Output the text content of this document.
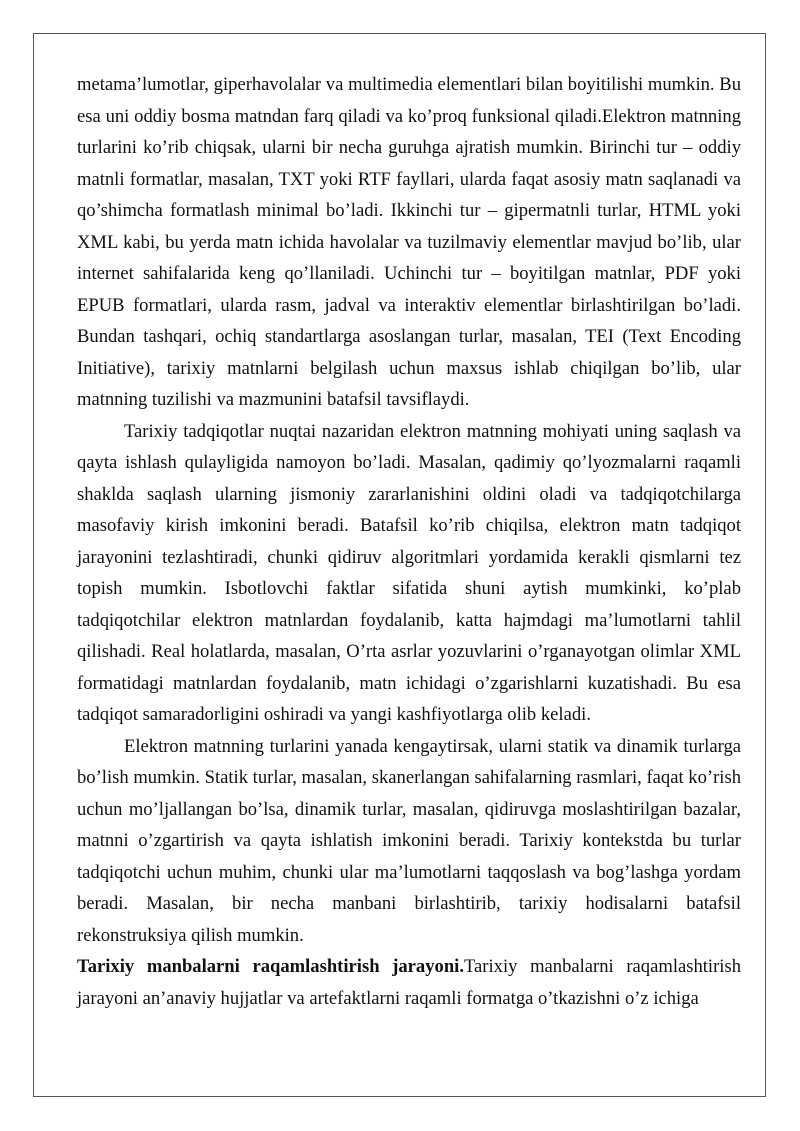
metama’lumotlar, giperhavolalar va multimedia elementlari bilan boyitilishi mumkin. Bu esa uni oddiy bosma matndan farq qiladi va ko’proq funksional qiladi.Elektron matnning turlarini ko’rib chiqsak, ularni bir necha guruhga ajratish mumkin. Birinchi tur – oddiy matnli formatlar, masalan, TXT yoki RTF fayllari, ularda faqat asosiy matn saqlanadi va qo’shimcha formatlash minimal bo’ladi. Ikkinchi tur – gipermatnli turlar, HTML yoki XML kabi, bu yerda matn ichida havolalar va tuzilmaviy elementlar mavjud bo’lib, ular internet sahifalarida keng qo’llaniladi. Uchinchi tur – boyitilgan matnlar, PDF yoki EPUB formatlari, ularda rasm, jadval va interaktiv elementlar birlashtirilgan bo’ladi. Bundan tashqari, ochiq standartlarga asoslangan turlar, masalan, TEI (Text Encoding Initiative), tarixiy matnlarni belgilash uchun maxsus ishlab chiqilgan bo’lib, ular matnning tuzilishi va mazmunini batafsil tavsiflaydi.

Tarixiy tadqiqotlar nuqtai nazaridan elektron matnning mohiyati uning saqlash va qayta ishlash qulayligida namoyon bo’ladi. Masalan, qadimiy qo’lyozmalarni raqamli shaklda saqlash ularning jismoniy zararlanishini oldini oladi va tadqiqotchilarga masofaviy kirish imkonini beradi. Batafsil ko’rib chiqilsa, elektron matn tadqiqot jarayonini tezlashtiradi, chunki qidiruv algoritmlari yordamida kerakli qismlarni tez topish mumkin. Isbotlovchi faktlar sifatida shuni aytish mumkinki, ko’plab tadqiqotchilar elektron matnlardan foydalanib, katta hajmdagi ma’lumotlarni tahlil qilishadi. Real holatlarda, masalan, O’rta asrlar yozuvlarini o’rganayotgan olimlar XML formatidagi matnlardan foydalanib, matn ichidagi o’zgarishlarni kuzatishadi. Bu esa tadqiqot samaradorligini oshiradi va yangi kashfiyotlarga olib keladi.

Elektron matnning turlarini yanada kengaytirsak, ularni statik va dinamik turlarga bo’lish mumkin. Statik turlar, masalan, skanerlangan sahifalarning rasmlari, faqat ko’rish uchun mo’ljallangan bo’lsa, dinamik turlar, masalan, qidiruvga moslashtirilgan bazalar, matnni o’zgartirish va qayta ishlatish imkonini beradi. Tarixiy kontekstda bu turlar tadqiqotchi uchun muhim, chunki ular ma’lumotlarni taqqoslash va bog’lashga yordam beradi. Masalan, bir necha manbani birlashtirib, tarixiy hodisalarni batafsil rekonstruksiya qilish mumkin.

Tarixiy manbalarni raqamlashtirish jarayoni.Tarixiy manbalarni raqamlashtirish jarayoni an’anaviy hujjatlar va artefaktlarni raqamli formatga o’tkazishni o’z ichiga
